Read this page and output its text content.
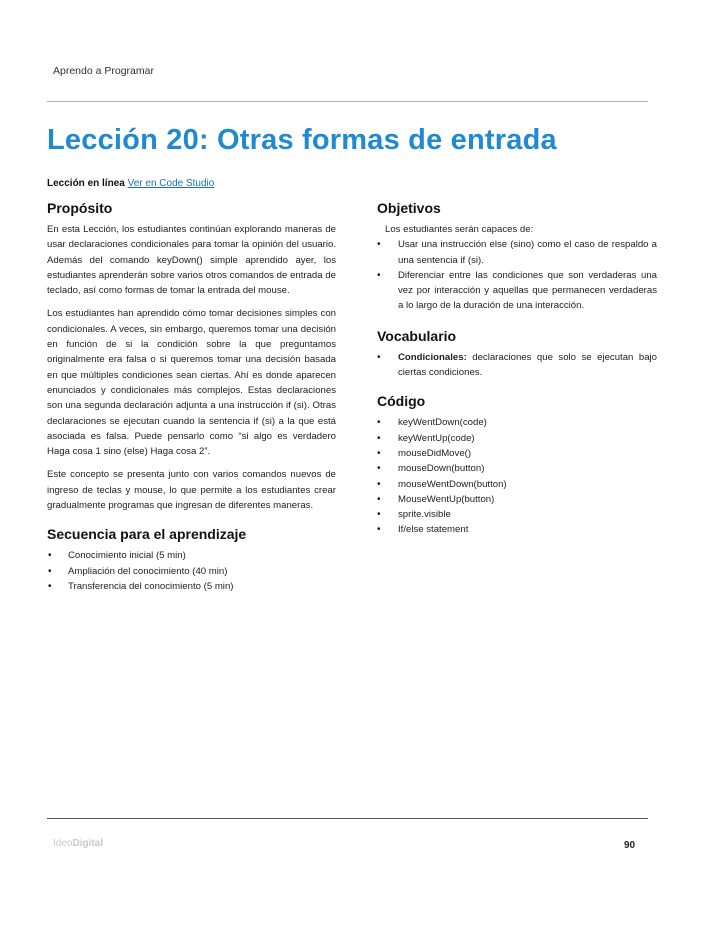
Aprendo a Programar
Lección 20: Otras formas de entrada
Lección en línea Ver en Code Studio
Propósito

En esta Lección, los estudiantes continúan explorando maneras de usar declaraciones condicionales para tomar la opinión del usuario. Además del comando keyDown() simple aprendido ayer, los estudiantes aprenderán sobre varios otros comandos de entrada de teclado, así como formas de tomar la entrada del mouse.

Los estudiantes han aprendido cómo tomar decisiones simples con condicionales. A veces, sin embargo, queremos tomar una decisión en función de si la condición sobre la que preguntamos originalmente era falsa o si queremos tomar una decisión basada en que múltiples condiciones sean ciertas. Ahí es donde aparecen enunciados y condicionales más complejos. Estas declaraciones son una segunda declaración adjunta a una instrucción if (si). Otras declaraciones se ejecutan cuando la sentencia if (si) a la que está asociada es falsa. Puede pensarlo como “si algo es verdadero Haga cosa 1 sino (else) Haga cosa 2”.

Este concepto se presenta junto con varios comandos nuevos de ingreso de teclas y mouse, lo que permite a los estudiantes crear gradualmente programas que ingresan de diferentes maneras.

Secuencia para el aprendizaje
• Conocimiento inicial (5 min)
• Ampliación del conocimiento (40 min)
• Transferencia del conocimiento (5 min)
Objetivos
Los estudiantes serán capaces de:
• Usar una instrucción else (sino) como el caso de respaldo a una sentencia if (si).
• Diferenciar entre las condiciones que son verdaderas una vez por interacción y aquellas que permanecen verdaderas a lo largo de la duración de una interacción.
Vocabulario
• Condicionales: declaraciones que solo se ejecutan bajo ciertas condiciones.
Código
• keyWentDown(code)
• keyWentUp(code)
• mouseDidMove()
• mouseDown(button)
• mouseWentDown(button)
• MouseWentUp(button)
• sprite.visible
• If/else statement
IdeoDigital	90
